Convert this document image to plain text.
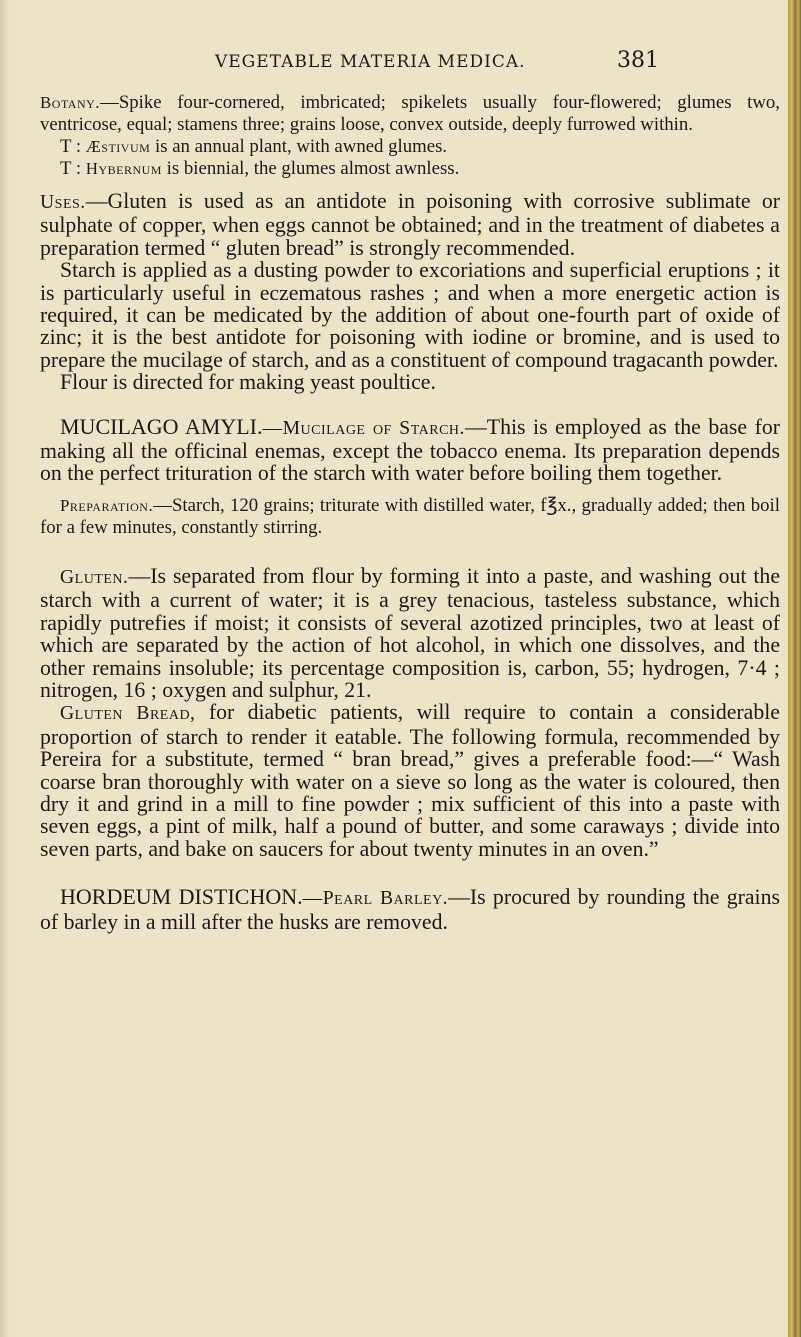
VEGETABLE MATERIA MEDICA.	381

Botany.—Spike four-cornered, imbricated; spikelets usually four-flowered; glumes two, ventricose, equal; stamens three; grains loose, convex outside, deeply furrowed within.

T : Æstivum is an annual plant, with awned glumes.

T : Hybernum is biennial, the glumes almost awnless.

Uses.—Gluten is used as an antidote in poisoning with corrosive sublimate or sulphate of copper, when eggs cannot be obtained; and in the treatment of diabetes a preparation termed “ gluten bread” is strongly recommended.

Starch is applied as a dusting powder to excoriations and superficial eruptions ; it is particularly useful in eczematous rashes ; and when a more energetic action is required, it can be medicated by the addition of about one-fourth part of oxide of zinc; it is the best antidote for poisoning with iodine or bromine, and is used to prepare the mucilage of starch, and as a constituent of compound tragacanth powder.

Flour is directed for making yeast poultice.

MUCILAGO AMYLI.—Mucilage of Starch.—This is employed as the base for making all the officinal enemas, except the tobacco enema. Its preparation depends on the perfect trituration of the starch with water before boiling them together.

Preparation.—Starch, 120 grains; triturate with distilled water, f℥x., gradually added; then boil for a few minutes, constantly stirring.

Gluten.—Is separated from flour by forming it into a paste, and washing out the starch with a current of water; it is a grey tenacious, tasteless substance, which rapidly putrefies if moist; it consists of several azotized principles, two at least of which are separated by the action of hot alcohol, in which one dissolves, and the other remains insoluble; its percentage composition is, carbon, 55; hydrogen, 7·4 ; nitrogen, 16 ; oxygen and sulphur, 21.

Gluten Bread, for diabetic patients, will require to contain a considerable proportion of starch to render it eatable. The following formula, recommended by Pereira for a substitute, termed “ bran bread,” gives a preferable food:—“ Wash coarse bran thoroughly with water on a sieve so long as the water is coloured, then dry it and grind in a mill to fine powder ; mix sufficient of this into a paste with seven eggs, a pint of milk, half a pound of butter, and some caraways ; divide into seven parts, and bake on saucers for about twenty minutes in an oven.”

HORDEUM DISTICHON.—Pearl Barley.—Is procured by rounding the grains of barley in a mill after the husks are removed.
